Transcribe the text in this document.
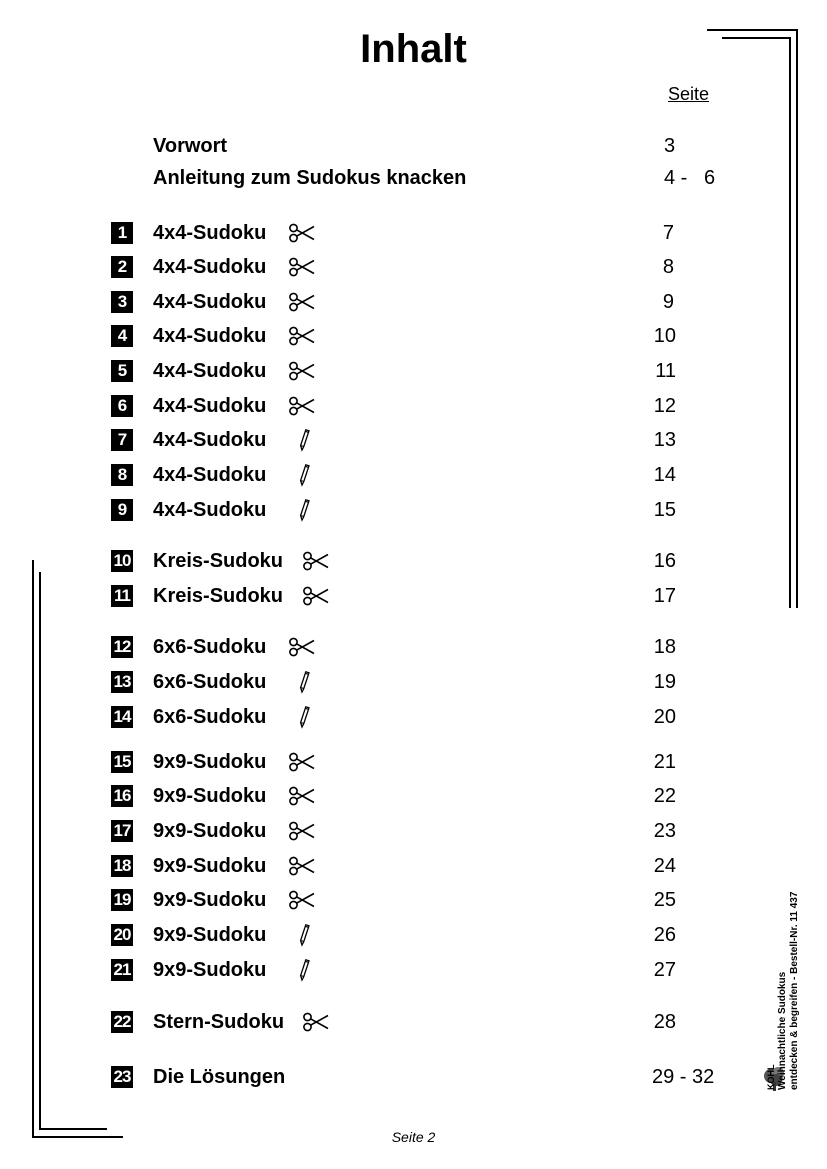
Inhalt
Seite
Vorwort	3
Anleitung zum Sudokus knacken	4 -   6
1	4x4-Sudoku	7
2	4x4-Sudoku	8
3	4x4-Sudoku	9
4	4x4-Sudoku	10
5	4x4-Sudoku	11
6	4x4-Sudoku	12
7	4x4-Sudoku	13
8	4x4-Sudoku	14
9	4x4-Sudoku	15
10 Kreis-Sudoku	16
11 Kreis-Sudoku	17
12 6x6-Sudoku	18
13 6x6-Sudoku	19
14 6x6-Sudoku	20
15 9x9-Sudoku	21
16 9x9-Sudoku	22
17 9x9-Sudoku	23
18 9x9-Sudoku	24
19 9x9-Sudoku	25
20 9x9-Sudoku	26
21 9x9-Sudoku	27
22 Stern-Sudoku	28
23 Die Lösungen	29 - 32	KOHL Weihnachtliche Sudokus entdecken & begreifen - Bestell-Nr. 11 437
Seite 2
